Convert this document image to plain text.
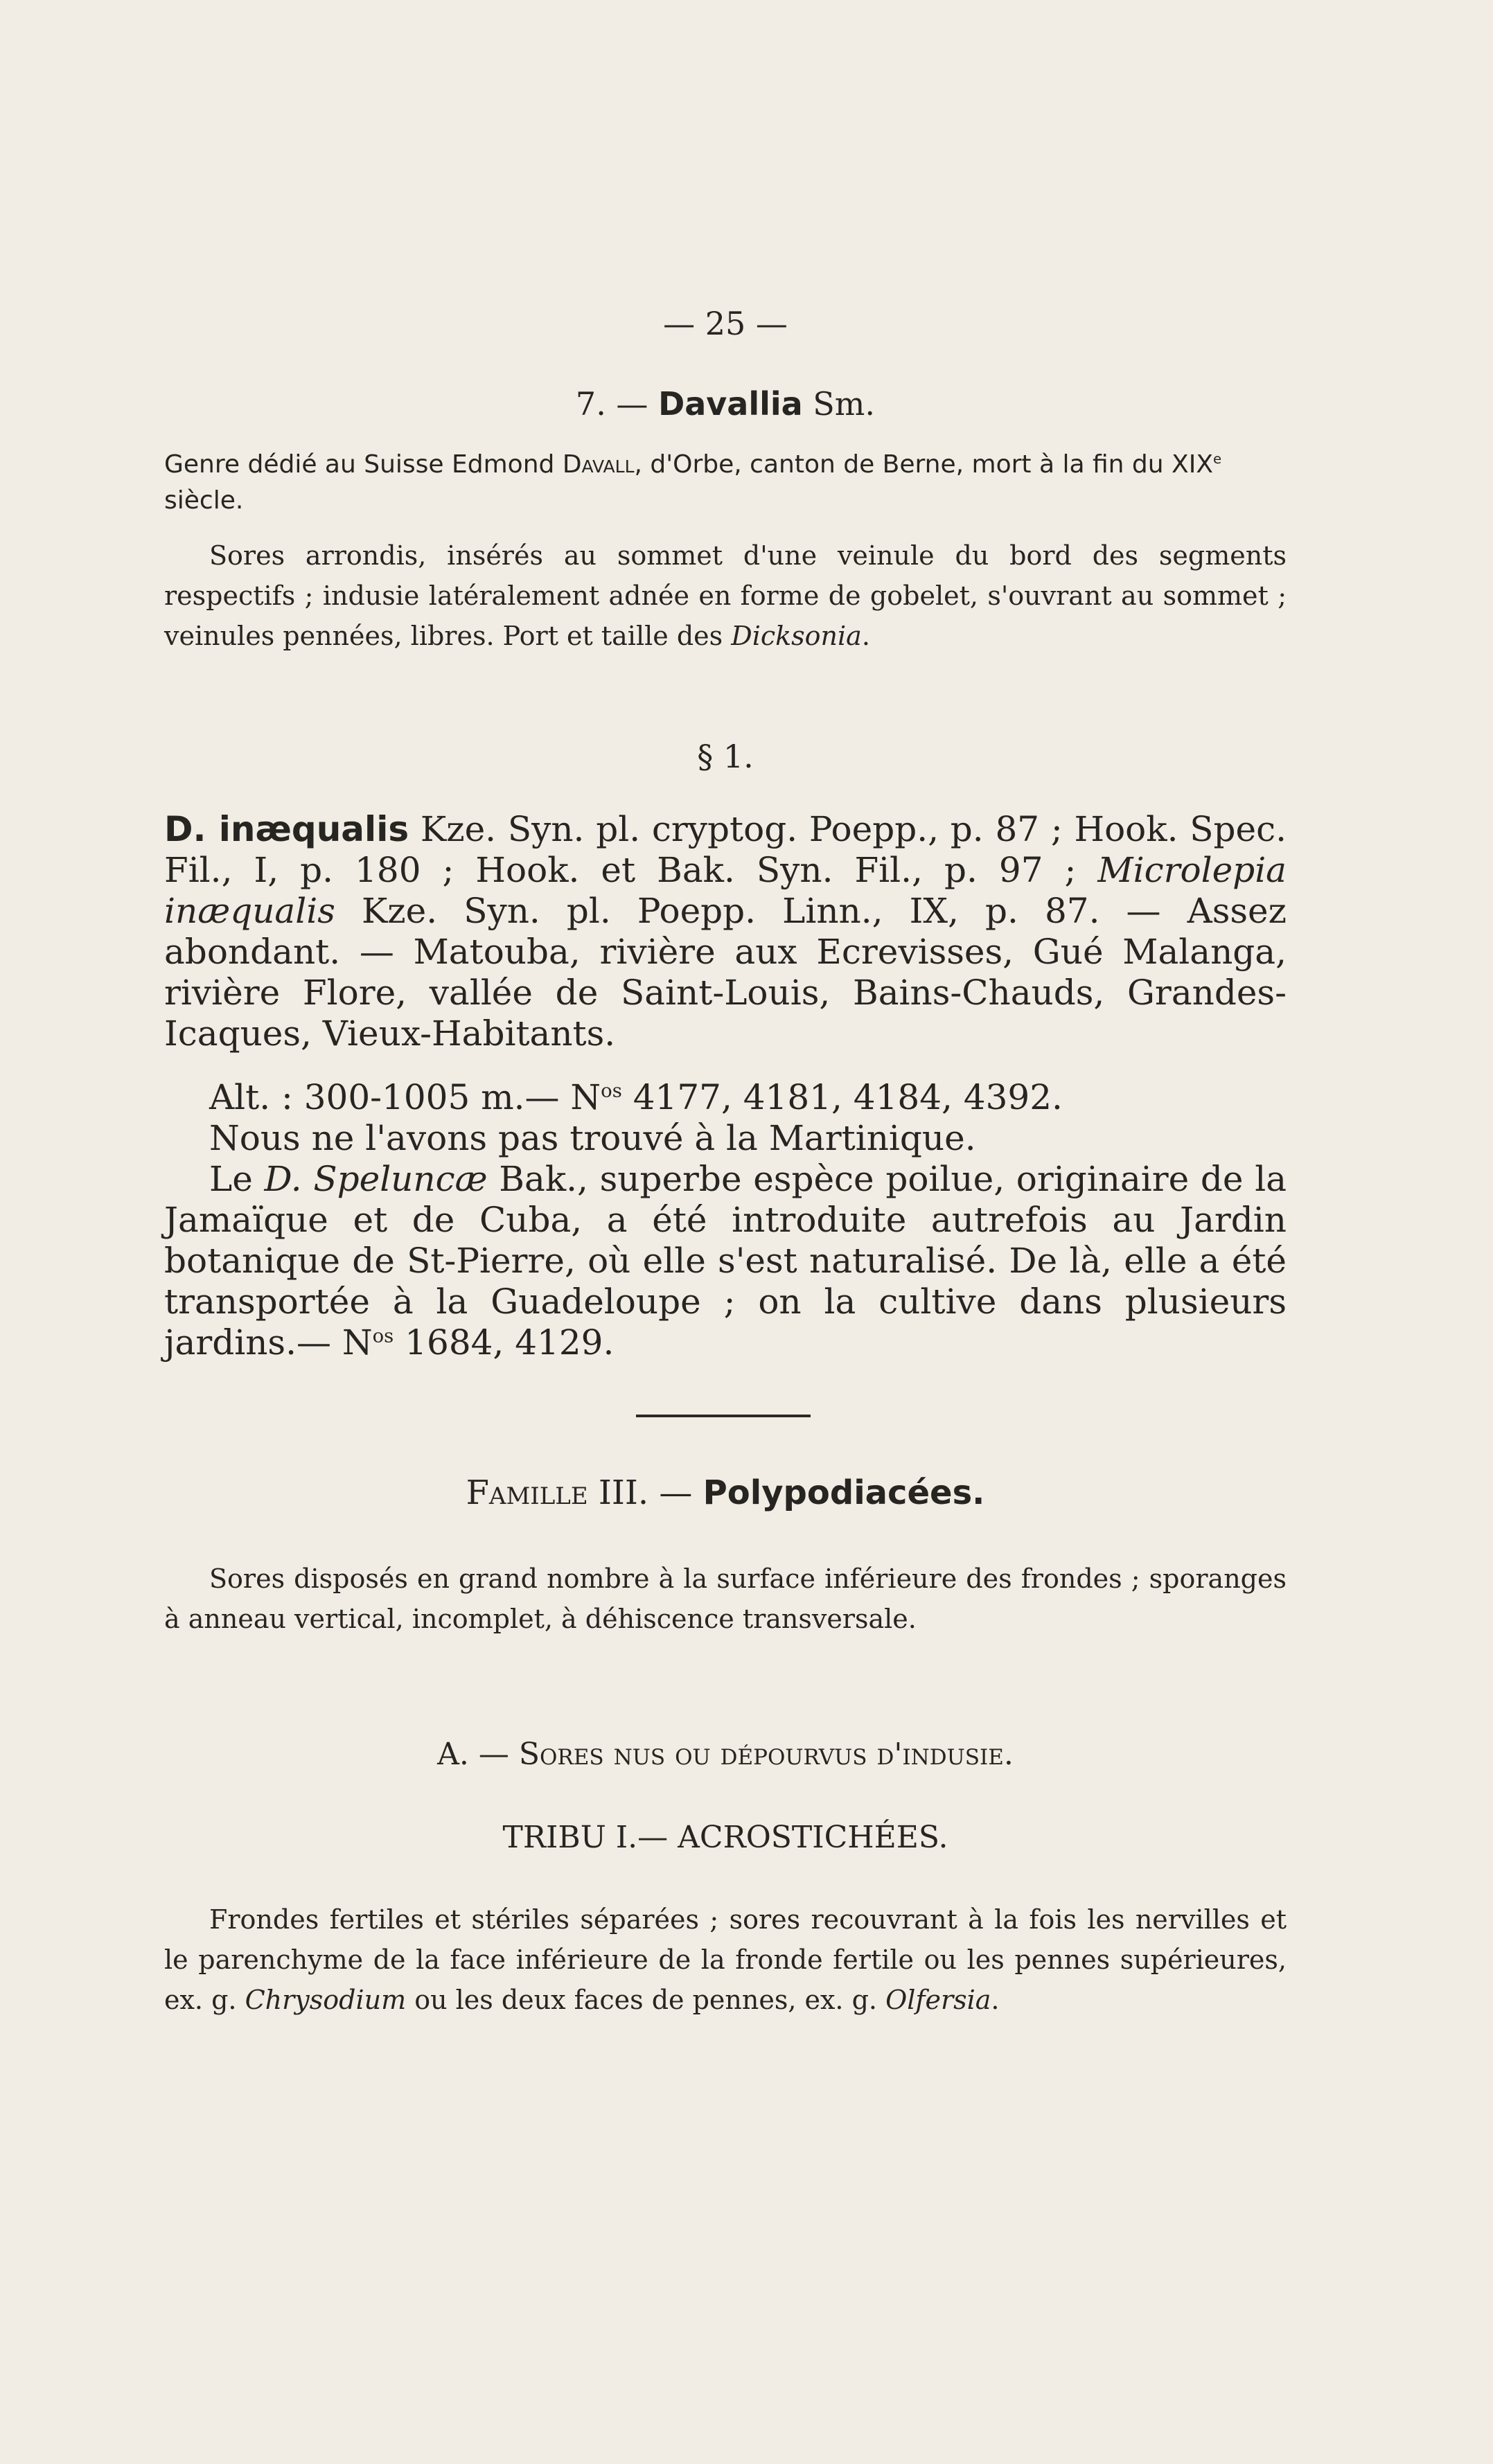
— 25 —
7. — Davallia Sm.
Genre dédié au Suisse Edmond Davall, d'Orbe, canton de Berne, mort à la fin du XIXe siècle.
Sores arrondis, insérés au sommet d'une veinule du bord des segments respectifs ; indusie latéralement adnée en forme de gobelet, s'ouvrant au sommet ; veinules pennées, libres. Port et taille des Dicksonia.
§ 1.
D. inæqualis Kze. Syn. pl. cryptog. Poepp., p. 87 ; Hook. Spec. Fil., I, p. 180 ; Hook. et Bak. Syn. Fil., p. 97 ; Microlepia inæqualis Kze. Syn. pl. Poepp. Linn., IX, p. 87. — Assez abondant. — Matouba, rivière aux Ecrevisses, Gué Malanga, rivière Flore, vallée de Saint-Louis, Bains-Chauds, Grandes-Icaques, Vieux-Habitants.
Alt. : 300-1005 m.— $N^{os}$ 4177, 4181, 4184, 4392.
Nous ne l'avons pas trouvé à la Martinique.
Le D. Speluncæ Bak., superbe espèce poilue, originaire de la Jamaïque et de Cuba, a été introduite autrefois au Jardin botanique de St-Pierre, où elle s'est naturalisé. De là, elle a été transportée à la Guadeloupe ; on la cultive dans plusieurs jardins.— $N^{os}$ 1684, 4129.
Famille III. — Polypodiacées.
Sores disposés en grand nombre à la surface inférieure des frondes ; sporanges à anneau vertical, incomplet, à déhiscence transversale.
A. — Sores nus ou dépourvus d'indusie.
TRIBU I.— ACROSTICHÉES.
Frondes fertiles et stériles séparées ; sores recouvrant à la fois les nervilles et le parenchyme de la face inférieure de la fronde fertile ou les pennes supérieures, ex. g. Chrysodium ou les deux faces de pennes, ex. g. Olfersia.
